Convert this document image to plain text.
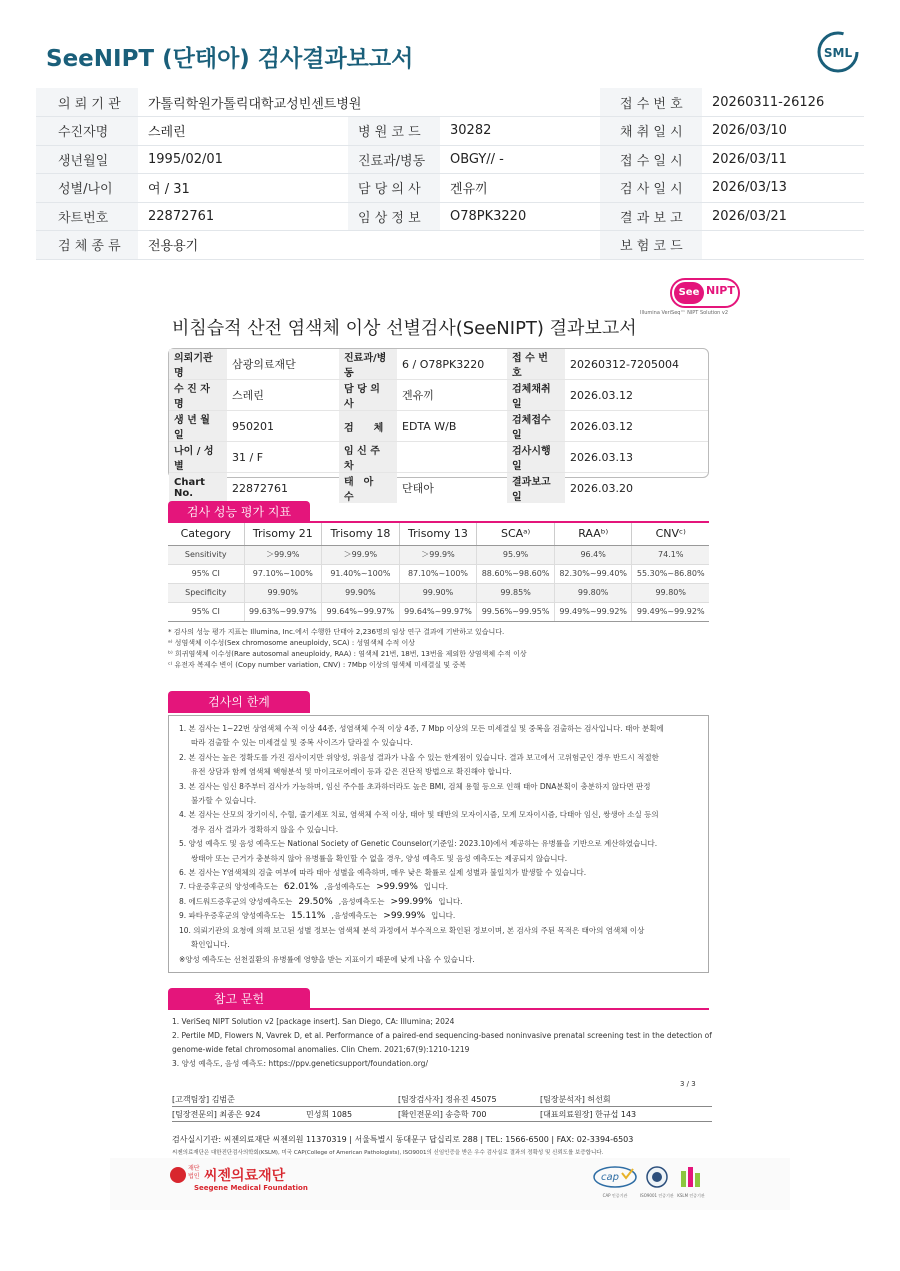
SeeNIPT (단태아) 검사결과보고서	SML
의 뢰 기 관	가톨릭학원가톨릭대학교성빈센트병원			접 수 번 호	20260311-26126
수진자명	스레린	병 원 코 드	30282	채 취 일 시	2026/03/10
생년월일	1995/02/01	진료과/병동	OBGY// -	접 수 일 시	2026/03/11
성별/나이	여 / 31	담 당 의 사	겐유끼	검 사 일 시	2026/03/13
차트번호	22872761	임 상 정 보	O78PK3220	결 과 보 고	2026/03/21
검 체 종 류	전용용기			보 험 코 드	
See NIPT
Illumina VeriSeq™ NIPT Solution v2
비침습적 산전 염색체 이상 선별검사(SeeNIPT) 결과보고서
의뢰기관명	삼광의료재단	진료과/병동	6 / O78PK3220	접 수 번 호	20260312-7205004
수 진 자 명	스레린	담 당 의 사	겐유끼	검체채취일	2026.03.12
생 년 월 일	950201	검　　체	EDTA W/B	검체접수일	2026.03.12
나이 / 성별	31 / F	임 신 주 차		검사시행일	2026.03.13
Chart No.	22872761	태　아　수	단태아	결과보고일	2026.03.20
검사 성능 평가 지표
Category	Trisomy 21	Trisomy 18	Trisomy 13	SCAᵃ⁾	RAAᵇ⁾	CNVᶜ⁾
Sensitivity	＞99.9%	＞99.9%	＞99.9%	95.9%	96.4%	74.1%
95% CI	97.10%~100%	91.40%~100%	87.10%~100%	88.60%~98.60%	82.30%~99.40%	55.30%~86.80%
Specificity	99.90%	99.90%	99.90%	99.85%	99.80%	99.80%
95% CI	99.63%~99.97%	99.64%~99.97%	99.64%~99.97%	99.56%~99.95%	99.49%~99.92%	99.49%~99.92%
* 검사의 성능 평가 지표는 Illumina, Inc.에서 수행한 단태아 2,236명의 임상 연구 결과에 기반하고 있습니다.
ᵃ⁾ 성염색체 이수성(Sex chromosome aneuploidy, SCA) : 성염색체 수적 이상
ᵇ⁾ 희귀염색체 이수성(Rare autosomal aneuploidy, RAA) : 염색체 21번, 18번, 13번을 제외한 상염색체 수적 이상
ᶜ⁾ 유전자 복제수 변이 (Copy number variation, CNV) : 7Mbp 이상의 염색체 미세결실 및 중복
검사의 한계
1. 본 검사는 1~22번 상염색체 수적 이상 44종, 성염색체 수적 이상 4종, 7 Mbp 이상의 모든 미세결실 및 중복을 검출하는 검사입니다. 태아 분획에
따라 검출할 수 있는 미세결실 및 중복 사이즈가 달라질 수 있습니다.
2. 본 검사는 높은 정확도를 가진 검사이지만 위양성, 위음성 결과가 나올 수 있는 한계점이 있습니다. 결과 보고에서 고위험군인 경우 반드시 적절한
유전 상담과 함께 염색체 핵형분석 및 마이크로어레이 등과 같은 진단적 방법으로 확진해야 합니다.
3. 본 검사는 임신 8주부터 검사가 가능하며, 임신 주수를 초과하더라도 높은 BMI, 검체 용혈 등으로 인해 태아 DNA분획이 충분하지 않다면 판정
불가할 수 있습니다.
4. 본 검사는 산모의 장기이식, 수혈, 줄기세포 치료, 염색체 수적 이상, 태아 및 태반의 모자이시즘, 모계 모자이시즘, 다태아 임신, 쌍생아 소실 등의
경우 검사 결과가 정확하지 않을 수 있습니다.
5. 양성 예측도 및 음성 예측도는 National Society of Genetic Counselor(기준일: 2023.10)에서 제공하는 유병률을 기반으로 계산하였습니다.
쌍태아 또는 근거가 충분하지 않아 유병률을 확인할 수 없을 경우, 양성 예측도 및 음성 예측도는 제공되지 않습니다.
6. 본 검사는 Y염색체의 검출 여부에 따라 태아 성별을 예측하며, 매우 낮은 확률로 실제 성별과 불일치가 발생할 수 있습니다.
7. 다운증후군의 양성예측도는 62.01% ,음성예측도는 >99.99% 입니다.
8. 에드워드증후군의 양성예측도는 29.50% ,음성예측도는 >99.99% 입니다.
9. 파타우증후군의 양성예측도는 15.11% ,음성예측도는 >99.99% 입니다.
10. 의뢰기관의 요청에 의해 보고된 성별 정보는 염색체 분석 과정에서 부수적으로 확인된 정보이며, 본 검사의 주된 목적은 태아의 염색체 이상
확인입니다.
※양성 예측도는 선천질환의 유병률에 영향을 받는 지표이기 때문에 낮게 나올 수 있습니다.
참고 문헌
1. VeriSeq NIPT Solution v2 [package insert]. San Diego, CA: Illumina; 2024
2. Pertile MD, Flowers N, Vavrek D, et al. Performance of a paired-end sequencing-based noninvasive prenatal screening test in the detection of
genome-wide fetal chromosomal anomalies. Clin Chem. 2021;67(9):1210-1219
3. 양성 예측도, 음성 예측도: https://ppv.geneticsupport/foundation.org/
3 / 3
[고객팀장] 김범준	[팀장검사자] 정유진 45075	[팀장분석자] 허선회
[팀장전문의] 최종은 924	민성희 1085	[확인전문의] 송층학 700	[대표의료원장] 한규섭 143
검사실시기관: 씨젠의료재단 씨젠의원 11370319 | 서울특별시 동대문구 답십리로 288 | TEL: 1566-6500 | FAX: 02-3394-6503
씨젠의료재단은 대한진단검사의학회(KSLM), 미국 CAP(College of American Pathologists), ISO9001의 신임인증을 받은 우수 검사실로 결과의 정확성 및 신뢰도를 보증합니다.
재단법인 씨젠의료재단
Seegene Medical Foundation
cap
CAP 인증기관	ISO9001 인증기관 KSLM 인증기관
